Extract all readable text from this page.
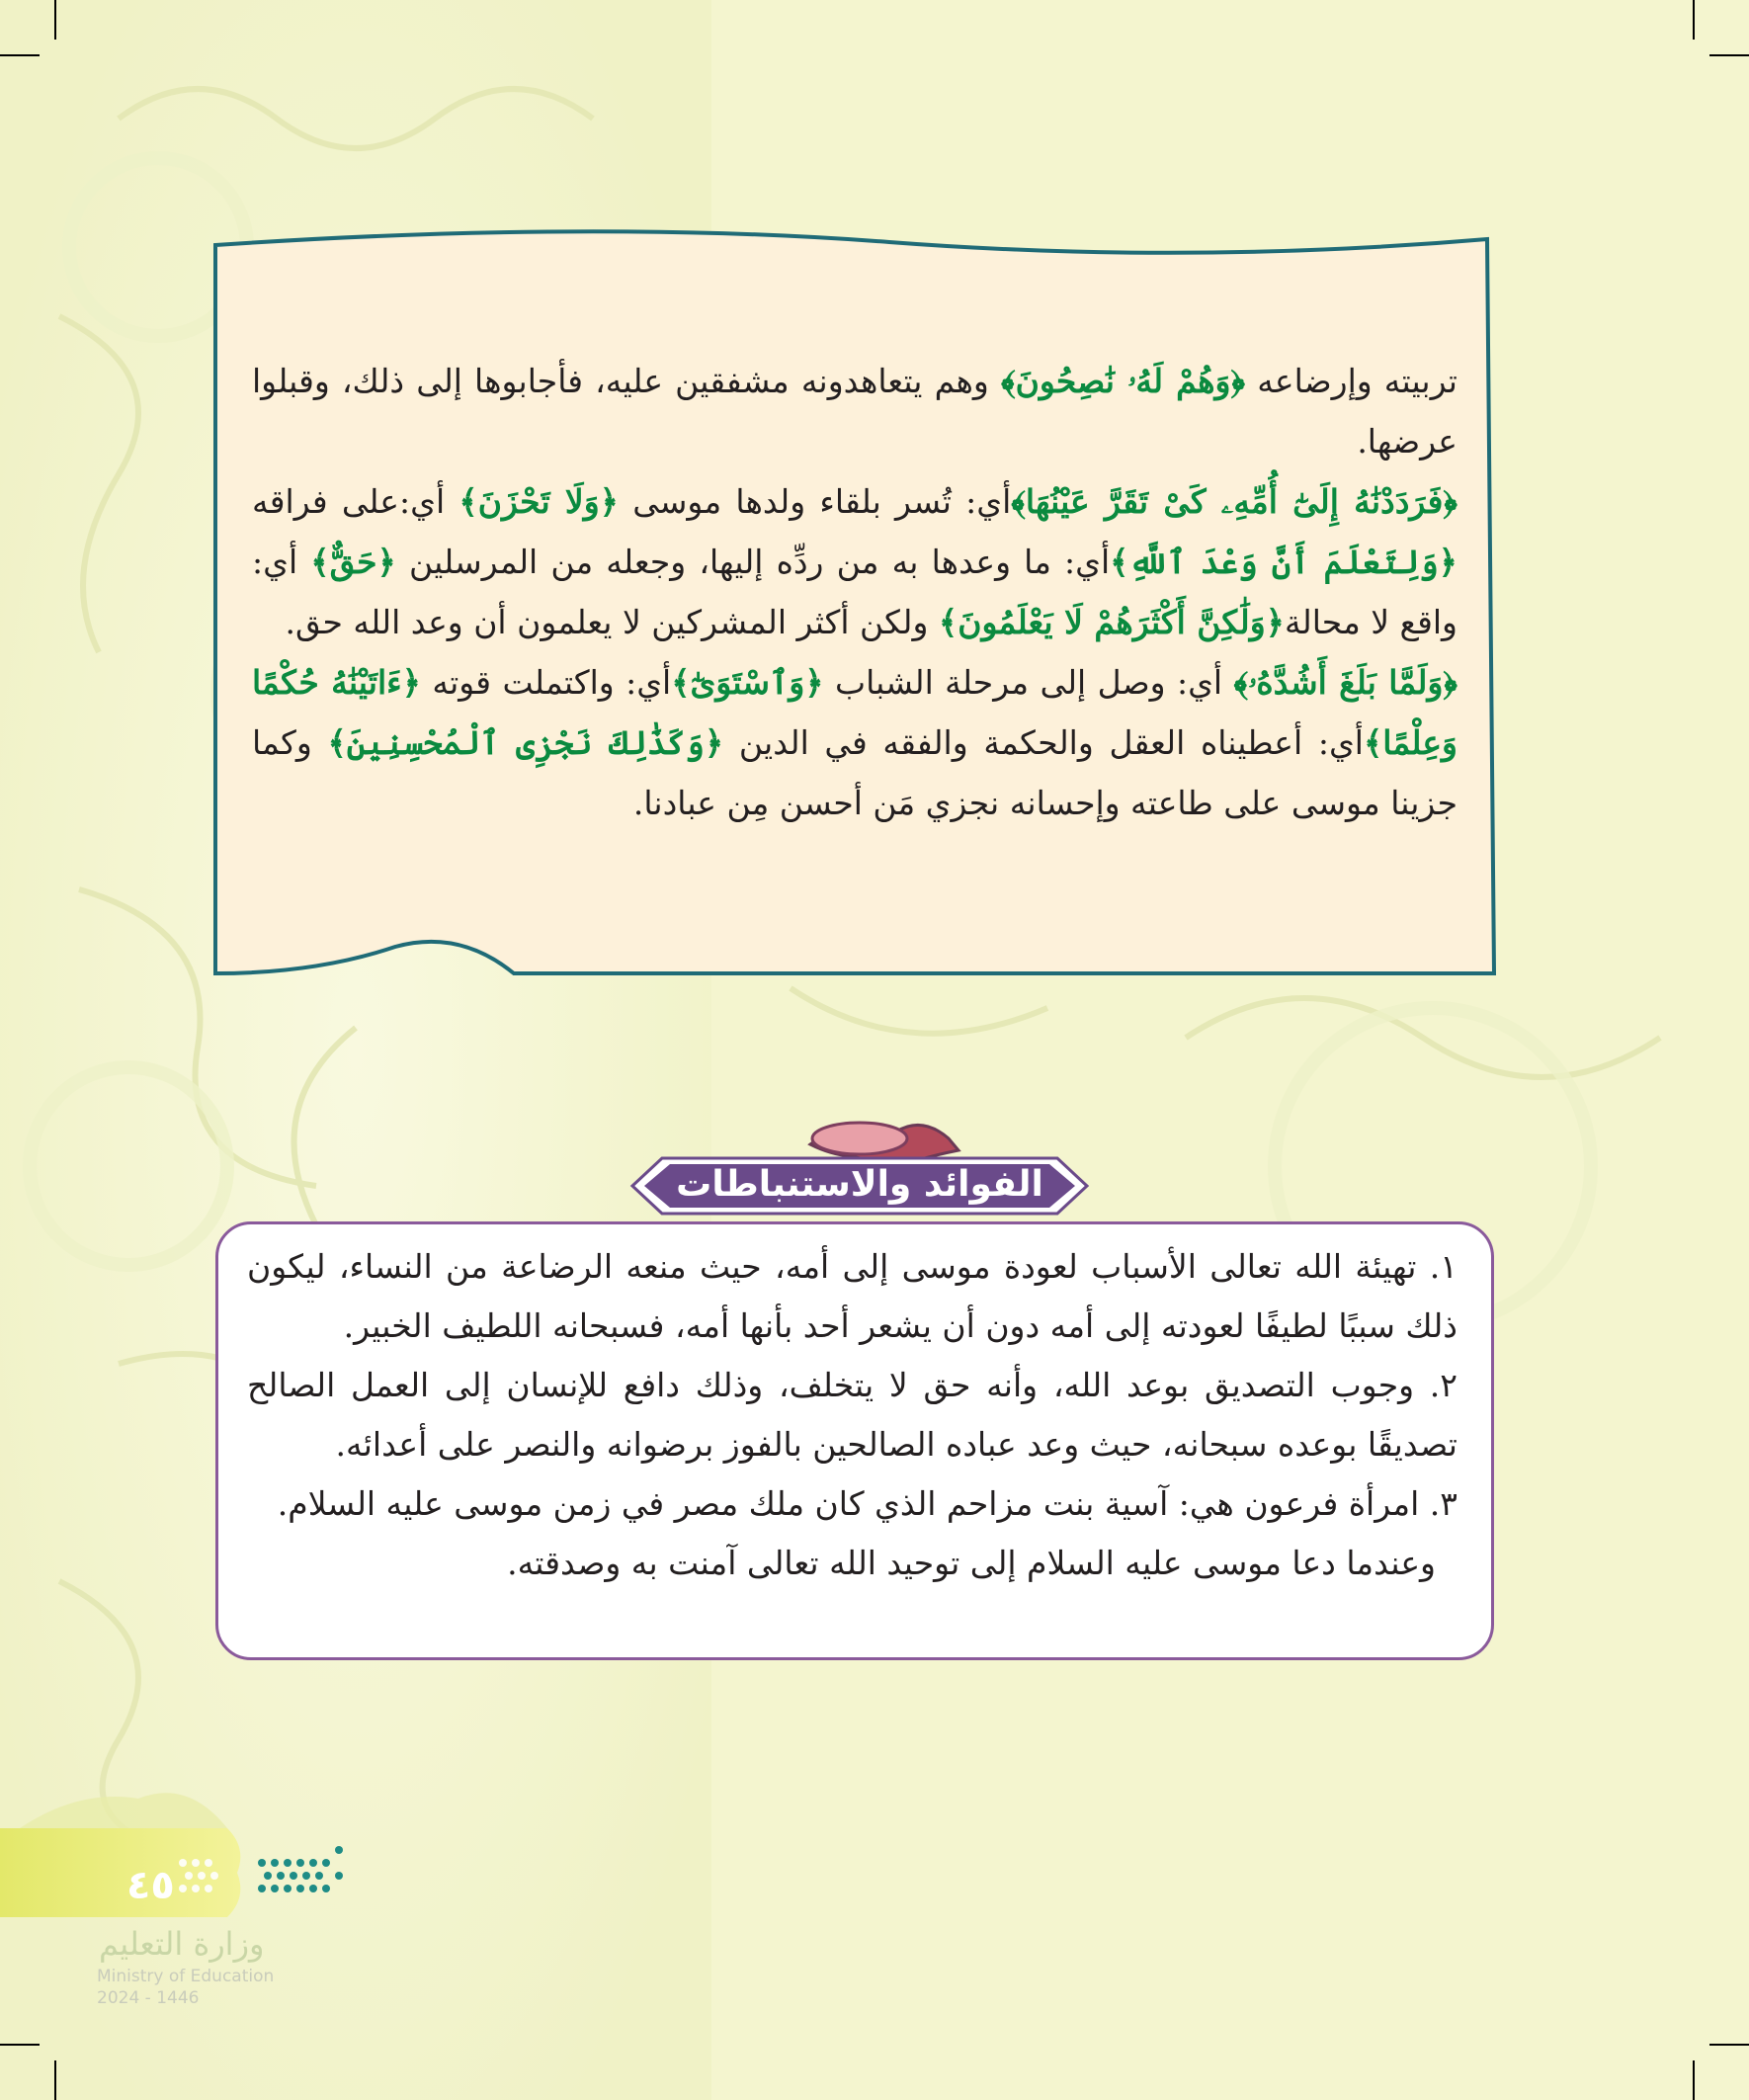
تربيته وإرضاعه ﴿وَهُمْ لَهُۥ نَٰصِحُونَ﴾ وهم يتعاهدونه مشفقين عليه، فأجابوها إلى ذلك، وقبلوا عرضها.

﴿فَرَدَدْنَٰهُ إِلَىٰٓ أُمِّهِۦ كَىْ تَقَرَّ عَيْنُهَا﴾أي: تُسر بلقاء ولدها موسى ﴿وَلَا تَحْزَنَ﴾ أي:على فراقه ﴿وَلِتَعْلَمَ أَنَّ وَعْدَ ٱللَّهِ﴾أي: ما وعدها به من ردِّه إليها، وجعله من المرسلين ﴿حَقٌّ﴾ أي: واقع لا محالة﴿وَلَٰكِنَّ أَكْثَرَهُمْ لَا يَعْلَمُونَ﴾ ولكن أكثر المشركين لا يعلمون أن وعد الله حق.

﴿وَلَمَّا بَلَغَ أَشُدَّهُۥ﴾ أي: وصل إلى مرحلة الشباب ﴿وَٱسْتَوَىٰٓ﴾أي: واكتملت قوته ﴿ءَاتَيْنَٰهُ حُكْمًا وَعِلْمًا﴾أي: أعطيناه العقل والحكمة والفقه في الدين ﴿وَكَذَٰلِكَ نَجْزِى ٱلْمُحْسِنِينَ﴾ وكما جزينا موسى على طاعته وإحسانه نجزي مَن أحسن مِن عبادنا.

الفوائد والاستنباطات

١. تهيئة الله تعالى الأسباب لعودة موسى إلى أمه، حيث منعه الرضاعة من النساء، ليكون ذلك سببًا لطيفًا لعودته إلى أمه دون أن يشعر أحد بأنها أمه، فسبحانه اللطيف الخبير.

٢. وجوب التصديق بوعد الله، وأنه حق لا يتخلف، وذلك دافع للإنسان إلى العمل الصالح تصديقًا بوعده سبحانه، حيث وعد عباده الصالحين بالفوز برضوانه والنصر على أعدائه.

٣. امرأة فرعون هي: آسية بنت مزاحم الذي كان ملك مصر في زمن موسى عليه السلام.

وعندما دعا موسى عليه السلام إلى توحيد الله تعالى آمنت به وصدقته.

٤٥
وزارة التعليم
Ministry of Education
2024 - 1446
